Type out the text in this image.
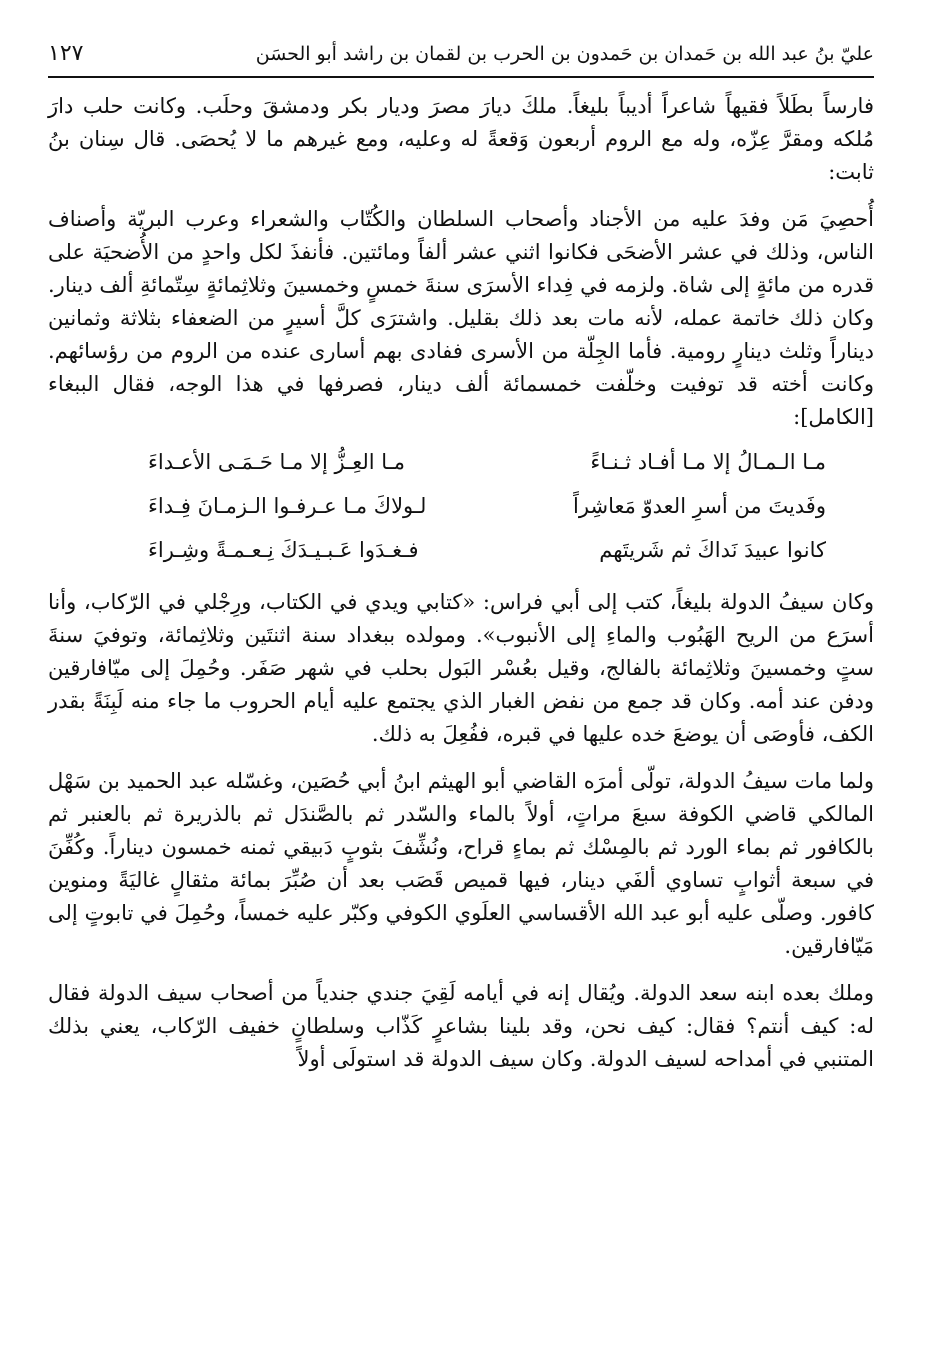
عليّ بنُ عبد الله بن حَمدان بن حَمدون بن الحرب بن لقمان بن راشد أبو الحسَن
١٢٧

فارساً بطَلاً فقيهاً شاعراً أديباً بليغاً. ملكَ ديارَ مصرَ وديار بكر ودمشقَ وحلَب. وكانت حلب دارَ مُلكه ومقرَّ عِزّه، وله مع الروم أربعون وَقعةً له وعليه، ومع غيرهم ما لا يُحصَى. قال سِنان بنُ ثابت:

أُحصِيَ مَن وفدَ عليه من الأجناد وأصحاب السلطان والكُتّاب والشعراء وعرب البريّة وأصناف الناس، وذلك في عشر الأضحَى فكانوا اثني عشر ألفاً ومائتين. فأنفذَ لكل واحدٍ من الأُضحيَة على قدره من مائةٍ إلى شاة. ولزمه في فِداء الأسرَى سنةَ خمسٍ وخمسينَ وثلاثِمائةٍ سِتّمائةِ ألف دينار. وكان ذلك خاتمة عمله، لأنه مات بعد ذلك بقليل. واشترَى كلَّ أسيرٍ من الضعفاء بثلاثة وثمانين ديناراً وثلث دينارٍ رومية. فأما الجِلّة من الأسرى ففادى بهم أسارى عنده من الروم من رؤسائهم. وكانت أخته قد توفيت وخلّفت خمسمائة ألف دينار، فصرفها في هذا الوجه، فقال الببغاء [الكامل]:

مـا الـمـالُ إلا مـا أفـاد ثـنـاءً
مـا العِـزُّ إلا مـا حَـمَـى الأعـداءَ
وفَديتَ من أسرِ العدوّ مَعاشِراً
لـولاكَ مـا عـرفـوا الـزمـانَ فِـداءَ
كانوا عبيدَ نَداكَ ثم شَريتَهم
فـغـدَوا عَـبـيـدَكَ نِـعـمـةً وشِـراءَ

وكان سيفُ الدولة بليغاً، كتب إلى أبي فراس: «كتابي ويدي في الكتاب، ورِجْلي في الرّكاب، وأنا أسرَع من الريح الهَبُوب والماءِ إلى الأنبوب». ومولده ببغداد سنة اثنتَين وثلاثِمائة، وتوفيَ سنةَ ستٍ وخمسينَ وثلاثِمائة بالفالج، وقيل بعُسْر البَول بحلب في شهر صَفَر. وحُمِلَ إلى ميّافارقين ودفن عند أمه. وكان قد جمع من نفض الغبار الذي يجتمع عليه أيام الحروب ما جاء منه لَبِنَةً بقدر الكف، فأوصَى أن يوضعَ خده عليها في قبره، ففُعِلَ به ذلك.

ولما مات سيفُ الدولة، تولّى أمرَه القاضي أبو الهيثم ابنُ أبي حُصَين، وغسّله عبد الحميد بن سَهْل المالكي قاضي الكوفة سبعَ مراتٍ، أولاً بالماء والسّدر ثم بالصَّندَل ثم بالذريرة ثم بالعنبر ثم بالكافور ثم بماء الورد ثم بالمِسْك ثم بماءٍ قراح، ونُشِّفَ بثوبٍ دَبيقي ثمنه خمسون ديناراً. وكُفِّنَ في سبعة أثوابٍ تساوي ألفَي دينار، فيها قميص قَصَب بعد أن صُبِّرَ بمائة مثقالٍ غاليَةً ومنوين كافور. وصلّى عليه أبو عبد الله الأقساسي العلَوي الكوفي وكبّر عليه خمساً، وحُمِلَ في تابوتٍ إلى مَيّافارقين.

وملك بعده ابنه سعد الدولة. ويُقال إنه في أيامه لَقِيَ جندي جندياً من أصحاب سيف الدولة فقال له: كيف أنتم؟ فقال: كيف نحن، وقد بلينا بشاعرٍ كَذّاب وسلطانٍ خفيف الرّكاب، يعني بذلك المتنبي في أمداحه لسيف الدولة. وكان سيف الدولة قد استولَى أولاً
